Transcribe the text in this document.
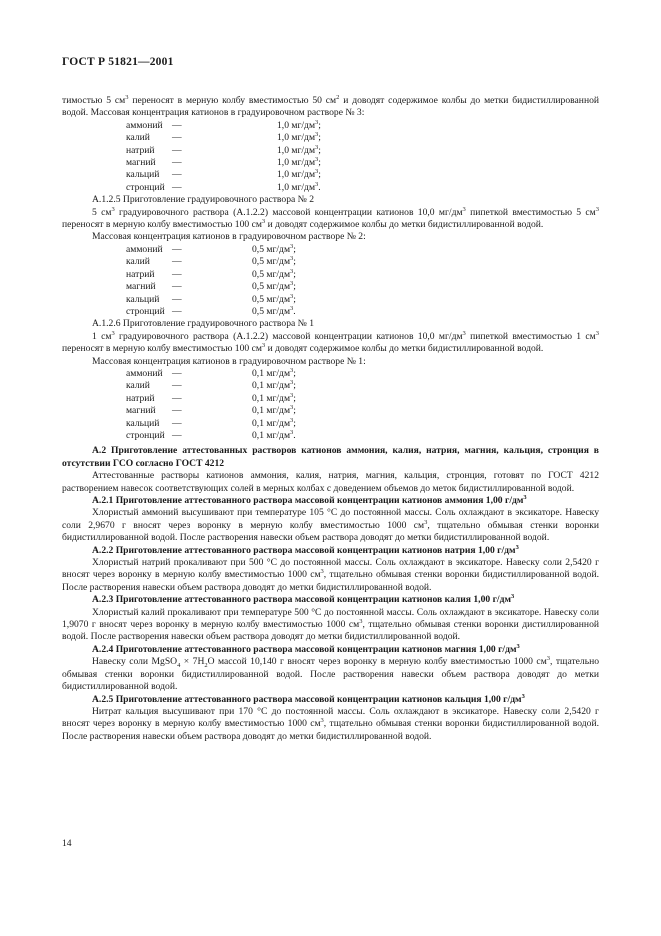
ГОСТ Р 51821—2001

тимостью 5 $см^3$ переносят в мерную колбу вместимостью 50 $см^2$ и доводят содержимое колбы до метки бидистиллированной водой. Массовая концентрация катионов в градуировочном растворе № 3:

аммоний	—	1,0 $мг/дм^3$;
калий	—	1,0 $мг/дм^3$;
натрий	—	1,0 $мг/дм^3$;
магний	—	1,0 $мг/дм^3$;
кальций	—	1,0 $мг/дм^3$;
стронций	—	1,0 $мг/дм^3$.

А.1.2.5 Приготовление градуировочного раствора № 2

5 $см^3$ градуировочного раствора (А.1.2.2) массовой концентрации катионов 10,0 $мг/дм^3$ пипеткой вместимостью 5 $см^3$ переносят в мерную колбу вместимостью 100 $см^3$ и доводят содержимое колбы до метки бидистиллированной водой.

Массовая концентрация катионов в градуировочном растворе № 2:

аммоний	—	0,5 $мг/дм^3$;
калий	—	0,5 $мг/дм^3$;
натрий	—	0,5 $мг/дм^3$;
магний	—	0,5 $мг/дм^3$;
кальций	—	0,5 $мг/дм^3$;
стронций	—	0,5 $мг/дм^3$.

А.1.2.6 Приготовление градуировочного раствора № 1

1 $см^3$ градуировочного раствора (А.1.2.2) массовой концентрации катионов 10,0 $мг/дм^3$ пипеткой вместимостью 1 $см^3$ переносят в мерную колбу вместимостью 100 $см^3$ и доводят содержимое колбы до метки бидистиллированной водой.

Массовая концентрация катионов в градуировочном растворе № 1:

аммоний	—	0,1 $мг/дм^3$;
калий	—	0,1 $мг/дм^3$;
натрий	—	0,1 $мг/дм^3$;
магний	—	0,1 $мг/дм^3$;
кальций	—	0,1 $мг/дм^3$;
стронций	—	0,1 $мг/дм^3$.

А.2 Приготовление аттестованных растворов катионов аммония, калия, натрия, магния, кальция, стронция в отсутствии ГСО согласно ГОСТ 4212

Аттестованные растворы катионов аммония, калия, натрия, магния, кальция, стронция, готовят по ГОСТ 4212 растворением навесок соответствующих солей в мерных колбах с доведением объемов до меток бидистиллированной водой.

А.2.1 Приготовление аттестованного раствора массовой концентрации катионов аммония 1,00 $г/дм^3$

Хлористый аммоний высушивают при температуре 105 °С до постоянной массы. Соль охлаждают в эксикаторе. Навеску соли 2,9670 г вносят через воронку в мерную колбу вместимостью 1000 $см^3$, тщательно обмывая стенки воронки бидистиллированной водой. После растворения навески объем раствора доводят до метки бидистиллированной водой.

А.2.2 Приготовление аттестованного раствора массовой концентрации катионов натрия 1,00 $г/дм^3$

Хлористый натрий прокаливают при 500 °С до постоянной массы. Соль охлаждают в эксикаторе. Навеску соли 2,5420 г вносят через воронку в мерную колбу вместимостью 1000 $см^3$, тщательно обмывая стенки воронки бидистиллированной водой. После растворения навески объем раствора доводят до метки бидистиллированной водой.

А.2.3 Приготовление аттестованного раствора массовой концентрации катионов калия 1,00 $г/дм^3$

Хлористый калий прокаливают при температуре 500 °С до постоянной массы. Соль охлаждают в эксикаторе. Навеску соли 1,9070 г вносят через воронку в мерную колбу вместимостью 1000 $см^3$, тщательно обмывая стенки воронки дистиллированной водой. После растворения навески объем раствора доводят до метки бидистиллированной водой.

А.2.4 Приготовление аттестованного раствора массовой концентрации катионов магния 1,00 $г/дм^3$

Навеску соли MgSO$_4$ × $7H_2O$ массой 10,140 г вносят через воронку в мерную колбу вместимостью 1000 $см^3$, тщательно обмывая стенки воронки бидистиллированной водой. После растворения навески объем раствора доводят до метки бидистиллированной водой.

А.2.5 Приготовление аттестованного раствора массовой концентрации катионов кальция 1,00 $г/дм^3$

Нитрат кальция высушивают при 170 °С до постоянной массы. Соль охлаждают в эксикаторе. Навеску соли 2,5420 г вносят через воронку в мерную колбу вместимостью 1000 $см^3$, тщательно обмывая стенки воронки бидистиллированной водой. После растворения навески объем раствора доводят до метки бидистиллированной водой.

14
